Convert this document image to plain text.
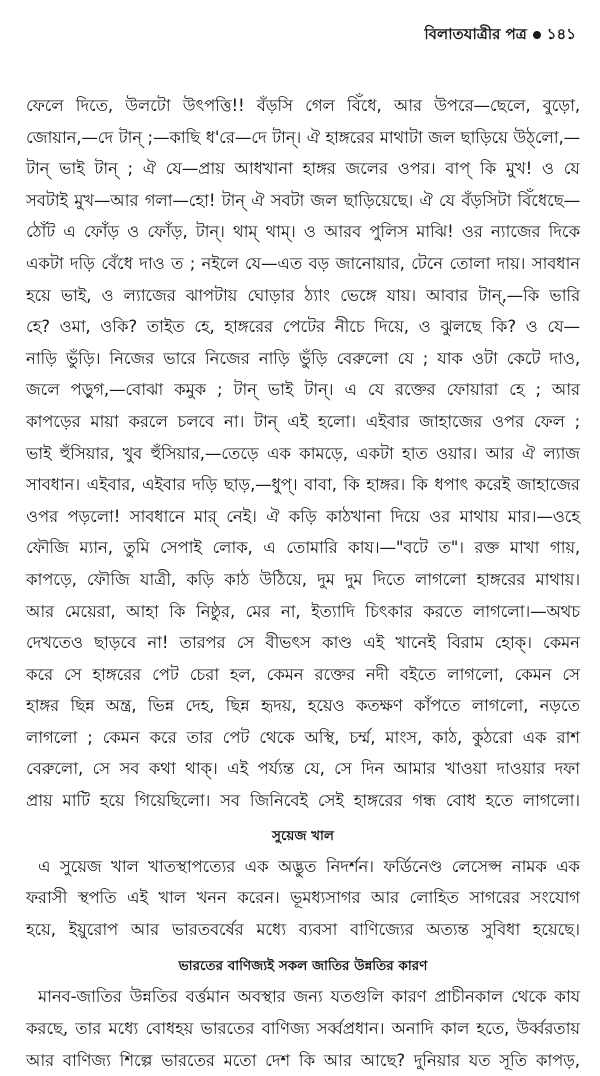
বিলাতযাত্রীর পত্র ১৪১
ফেলে দিতে, উলটো উৎপত্তি!! বঁড়সি গেল বিঁধে, আর উপরে—ছেলে, বুড়ো,
জোয়ান,—দে টান্‌ ;—কাছি ধ'রে—দে টান্‌। ঐ হাঙ্গরের মাথাটা জল ছাড়িয়ে উঠ্‌লো,—
টান্‌ ভাই টান্‌ ; ঐ যে—প্রায় আধখানা হাঙ্গর জলের ওপর। বাপ্‌ কি মুখ! ও যে
সবটাই মুখ—আর গলা—হো! টান্‌ ঐ সবটা জল ছাড়িয়েছে। ঐ যে বঁড়সিটা বিঁধেছে—
ঠোঁট এ ফোঁড় ও ফোঁড়, টান্‌। থাম্‌ থাম্‌। ও আরব পুলিস মাঝি! ওর ন্যাজের দিকে
একটা দড়ি বেঁধে দাও ত ; নইলে যে—এত বড় জানোয়ার, টেনে তোলা দায়। সাবধান
হয়ে ভাই, ও ল্যাজের ঝাপটায় ঘোড়ার ঠ্যাং ভেঙ্গে যায়। আবার টান্‌,—কি ভারি
হে? ওমা, ওকি? তাইত হে, হাঙ্গরের পেটের নীচে দিয়ে, ও ঝুলছে কি? ও যে—
নাড়ি ভুঁড়ি। নিজের ভারে নিজের নাড়ি ভুঁড়ি বেরুলো যে ; যাক ওটা কেটে দাও,
জলে পড়ুগ,—বোঝা কমুক ; টান্‌ ভাই টান্‌। এ যে রক্তের ফোয়ারা হে ; আর
কাপড়ের মায়া করলে চলবে না। টান্‌ এই হলো। এইবার জাহাজের ওপর ফেল ;
ভাই হুঁসিয়ার, খুব হুঁসিয়ার,—তেড়ে এক কামড়ে, একটা হাত ওয়ার। আর ঐ ল্যাজ
সাবধান। এইবার, এইবার দড়ি ছাড়,—ধুপ্‌। বাবা, কি হাঙ্গর। কি ধপাৎ করেই জাহাজের
ওপর পড়লো! সাবধানে মার্‌ নেই। ঐ কড়ি কাঠখানা দিয়ে ওর মাথায় মার।—ওহে
ফৌজি ম্যান, তুমি সেপাই লোক, এ তোমারি কায।—"বটে ত"। রক্ত মাখা গায়,
কাপড়ে, ফৌজি যাত্রী, কড়ি কাঠ উঠিয়ে, দুম দুম দিতে লাগলো হাঙ্গরের মাথায়।
আর মেয়েরা, আহা কি নিষ্ঠুর, মের না, ইত্যাদি চিৎকার করতে লাগলো।—অথচ
দেখতেও ছাড়বে না! তারপর সে বীভৎস কাণ্ড এই খানেই বিরাম হোক্‌। কেমন
করে সে হাঙ্গরের পেট চেরা হল, কেমন রক্তের নদী বইতে লাগলো, কেমন সে
হাঙ্গর ছিন্ন অন্ত্র, ভিন্ন দেহ, ছিন্ন হৃদয়, হয়েও কতক্ষণ কাঁপতে লাগলো, নড়তে
লাগলো ; কেমন করে তার পেট থেকে অস্থি, চর্ম্ম, মাংস, কাঠ, কুঠরো এক রাশ
বেরুলো, সে সব কথা থাক্‌। এই পর্য্যন্ত যে, সে দিন আমার খাওয়া দাওয়ার দফা
প্রায় মাটি হয়ে গিয়েছিলো। সব জিনিবেই সেই হাঙ্গরের গন্ধ বোধ হতে লাগলো।
সুয়েজ খাল
এ সুয়েজ খাল খাতস্থাপত্যের এক অদ্ভুত নিদর্শন। ফর্ডিনেণ্ড লেসেপ্স নামক এক
ফরাসী স্থপতি এই খাল খনন করেন। ভূমধ্যসাগর আর লোহিত সাগরের সংযোগ
হয়ে, ইয়ুরোপ আর ভারতবর্ষের মধ্যে ব্যবসা বাণিজ্যের অত্যন্ত সুবিধা হয়েছে।
ভারতের বাণিজ্যই সকল জাতির উন্নতির কারণ
মানব-জাতির উন্নতির বর্ত্তমান অবস্থার জন্য যতগুলি কারণ প্রাচীনকাল থেকে কায
করছে, তার মধ্যে বোধহয় ভারতের বাণিজ্য সর্ব্বপ্রধান। অনাদি কাল হতে, উর্ব্বরতায়
আর বাণিজ্য শিল্পে ভারতের মতো দেশ কি আর আছে? দুনিয়ার যত সূতি কাপড়,
